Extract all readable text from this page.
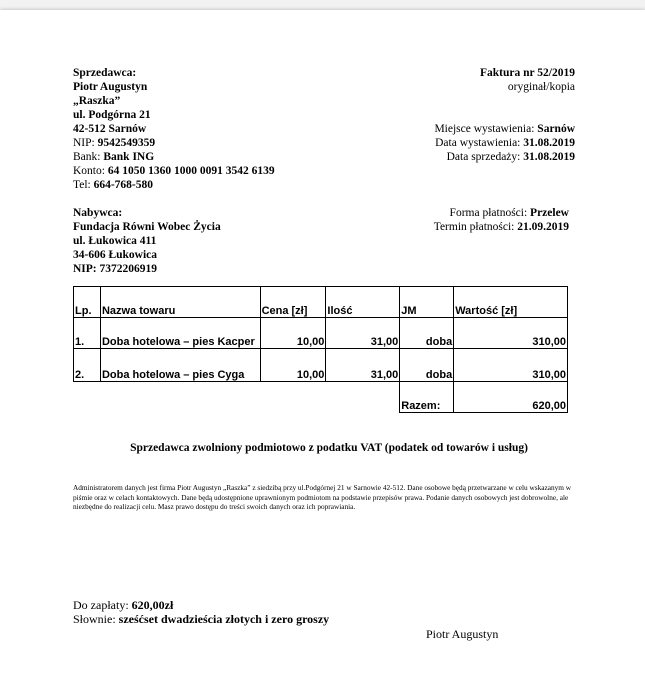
Sprzedawca:
Piotr Augustyn
„Raszka”
ul. Podgórna 21
42-512 Sarnów
NIP: 9542549359
Bank: Bank ING
Konto: 64 1050 1360 1000 0091 3542 6139
Tel: 664-768-580
Faktura nr 52/2019
oryginał/kopia
Miejsce wystawienia: Sarnów
Data wystawienia: 31.08.2019
Data sprzedaży: 31.08.2019
Nabywca:
Fundacja Równi Wobec Życia
ul. Łukowica 411
34-606 Łukowica
NIP: 7372206919
Forma płatności: Przelew
Termin płatności: 21.09.2019
Lp.	Nazwa towaru	Cena [zł]	Ilość	JM	Wartość [zł]
1.	Doba hotelowa – pies Kacper	10,00	31,00	doba	310,00
2.	Doba hotelowa – pies Cyga	10,00	31,00	doba	310,00
				Razem:	620,00
Sprzedawca zwolniony podmiotowo z podatku VAT (podatek od towarów i usług)
Administratorem danych jest firma Piotr Augustyn „Raszka” z siedzibą przy ul.Podgórnej 21 w Sarnowie 42-512. Dane osobowe będą przetwarzane w celu wskazanym w piśmie oraz w celach kontaktowych. Dane będą udostępnione uprawnionym podmiotom na podstawie przepisów prawa. Podanie danych osobowych jest dobrowolne, ale niezbędne do realizacji celu. Masz prawo dostępu do treści swoich danych oraz ich poprawiania.
Do zapłaty: 620,00zł
Słownie: sześćset dwadzieścia złotych i zero groszy
Piotr Augustyn
